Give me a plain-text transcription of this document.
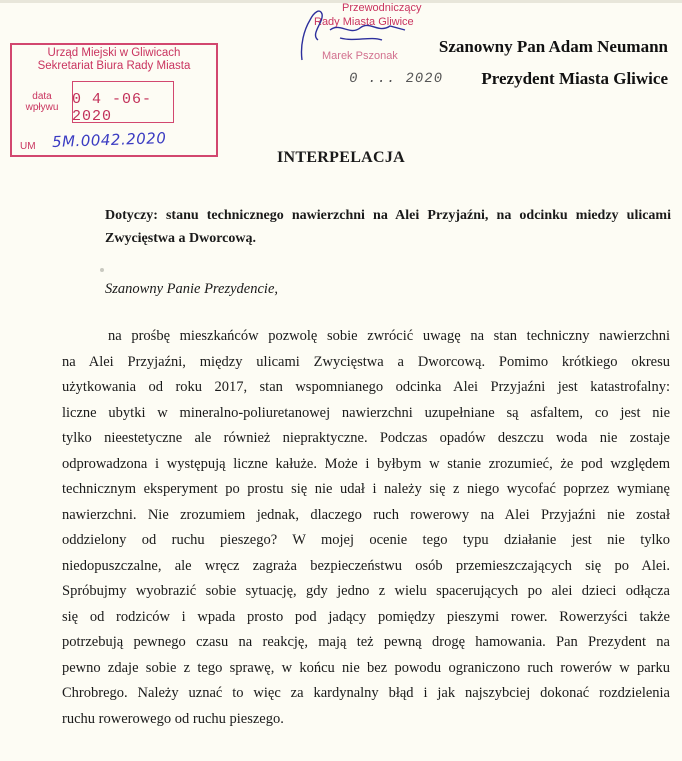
Urząd Miejski w Gliwicach
Sekretariat Biura Rady Miasta
data wpływu 0 4 -06- 2020
UM 5M.0042.2020
Przewodniczący
Rady Miasta Gliwice
Marek Pszonak
0 ... 2020
Szanowny Pan Adam Neumann
Prezydent Miasta Gliwice
INTERPELACJA
Dotyczy: stanu technicznego nawierzchni na Alei Przyjaźni, na odcinku miedzy ulicami Zwycięstwa a Dworcową.
Szanowny Panie Prezydencie,
na prośbę mieszkańców pozwolę sobie zwrócić uwagę na stan techniczny nawierzchni
na Alei Przyjaźni, między ulicami Zwycięstwa a Dworcową. Pomimo krótkiego okresu
użytkowania od roku 2017, stan wspomnianego odcinka Alei Przyjaźni jest katastrofalny:
liczne ubytki w mineralno-poliuretanowej nawierzchni uzupełniane są asfaltem, co jest nie
tylko nieestetyczne ale również niepraktyczne. Podczas opadów deszczu woda nie zostaje
odprowadzona i występują liczne kałuże. Może i byłbym w stanie zrozumieć, że pod względem
technicznym eksperyment po prostu się nie udał i należy się z niego wycofać poprzez wymianę
nawierzchni. Nie zrozumiem jednak, dlaczego ruch rowerowy na Alei Przyjaźni nie został
oddzielony od ruchu pieszego? W mojej ocenie tego typu działanie jest nie tylko
niedopuszczalne, ale wręcz zagraża bezpieczeństwu osób przemieszczających się po Alei.
Spróbujmy wyobrazić sobie sytuację, gdy jedno z wielu spacerujących po alei dzieci odłącza
się od rodziców i wpada prosto pod jadący pomiędzy pieszymi rower. Rowerzyści także
potrzebują pewnego czasu na reakcję, mają też pewną drogę hamowania. Pan Prezydent na
pewno zdaje sobie z tego sprawę, w końcu nie bez powodu ograniczono ruch rowerów w parku
Chrobrego. Należy uznać to więc za kardynalny błąd i jak najszybciej dokonać rozdzielenia
ruchu rowerowego od ruchu pieszego.
